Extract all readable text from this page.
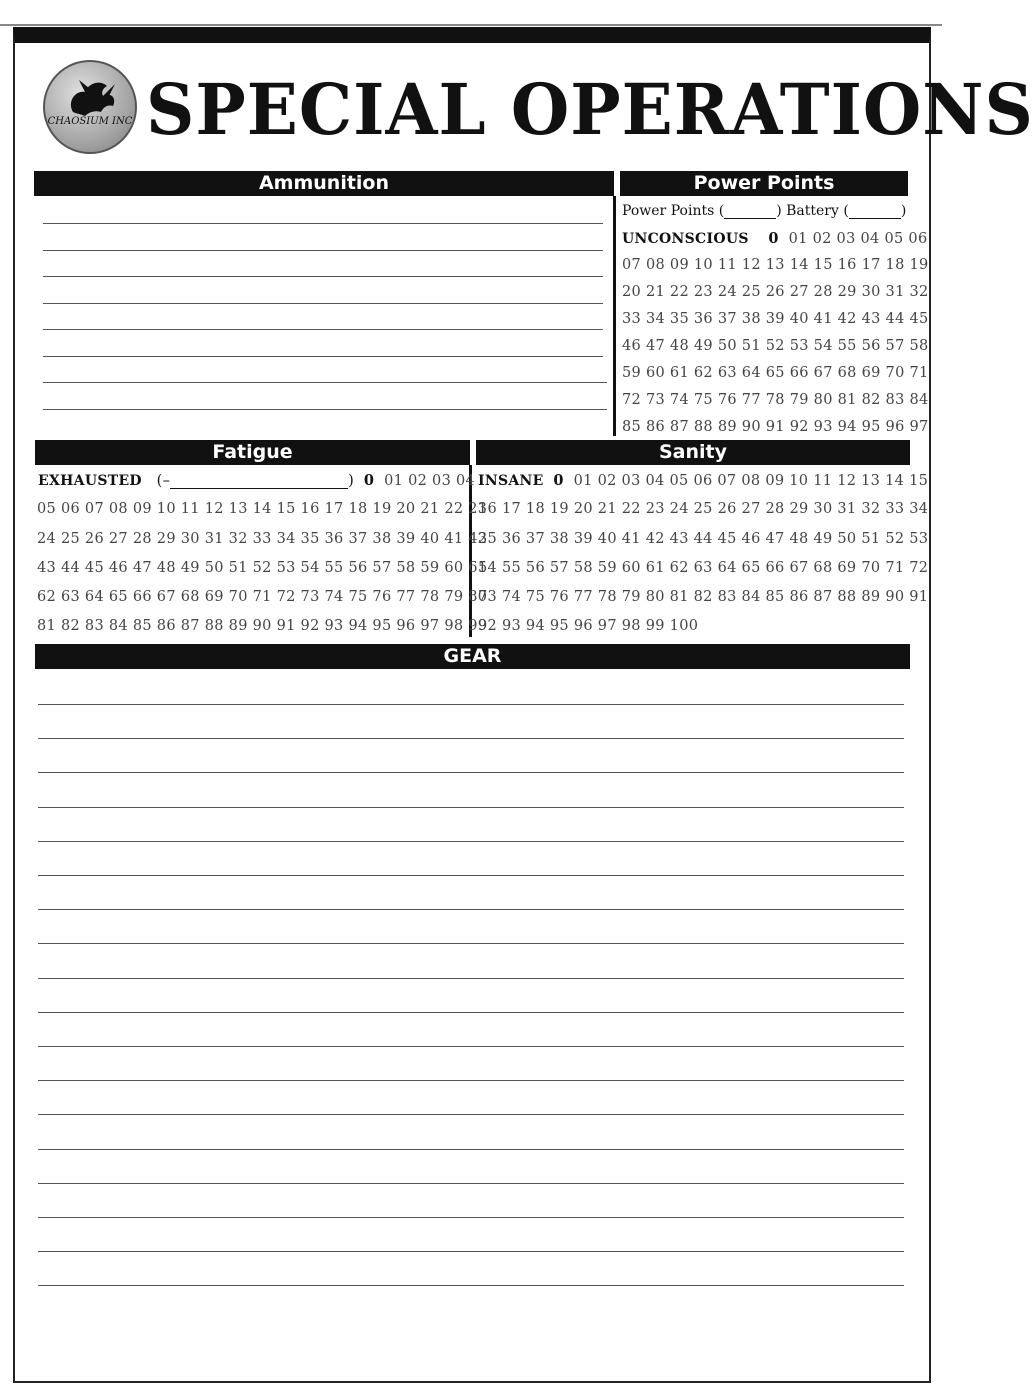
CHAOSIUM INC SPECIAL OPERATIONS
Ammunition	Power Points
Power Points (	) Battery (	)
UNCONSCIOUS 0 01 02 03 04 05 06
07 08 09 10 11 12 13 14 15 16 17 18 19
20 21 22 23 24 25 26 27 28 29 30 31 32
33 34 35 36 37 38 39 40 41 42 43 44 45
46 47 48 49 50 51 52 53 54 55 56 57 58
59 60 61 62 63 64 65 66 67 68 69 70 71
72 73 74 75 76 77 78 79 80 81 82 83 84
85 86 87 88 89 90 91 92 93 94 95 96 97
Fatigue
EXHAUSTED (–	) 0 01 02 03 04
05 06 07 08 09 10 11 12 13 14 15 16 17 18 19 20 21 22 23
24 25 26 27 28 29 30 31 32 33 34 35 36 37 38 39 40 41 42
43 44 45 46 47 48 49 50 51 52 53 54 55 56 57 58 59 60 61
62 63 64 65 66 67 68 69 70 71 72 73 74 75 76 77 78 79 80
81 82 83 84 85 86 87 88 89 90 91 92 93 94 95 96 97 98 99
Sanity
INSANE 0 01 02 03 04 05 06 07 08 09 10 11 12 13 14 15
16 17 18 19 20 21 22 23 24 25 26 27 28 29 30 31 32 33 34
35 36 37 38 39 40 41 42 43 44 45 46 47 48 49 50 51 52 53
54 55 56 57 58 59 60 61 62 63 64 65 66 67 68 69 70 71 72
73 74 75 76 77 78 79 80 81 82 83 84 85 86 87 88 89 90 91
92 93 94 95 96 97 98 99 100
GEAR
